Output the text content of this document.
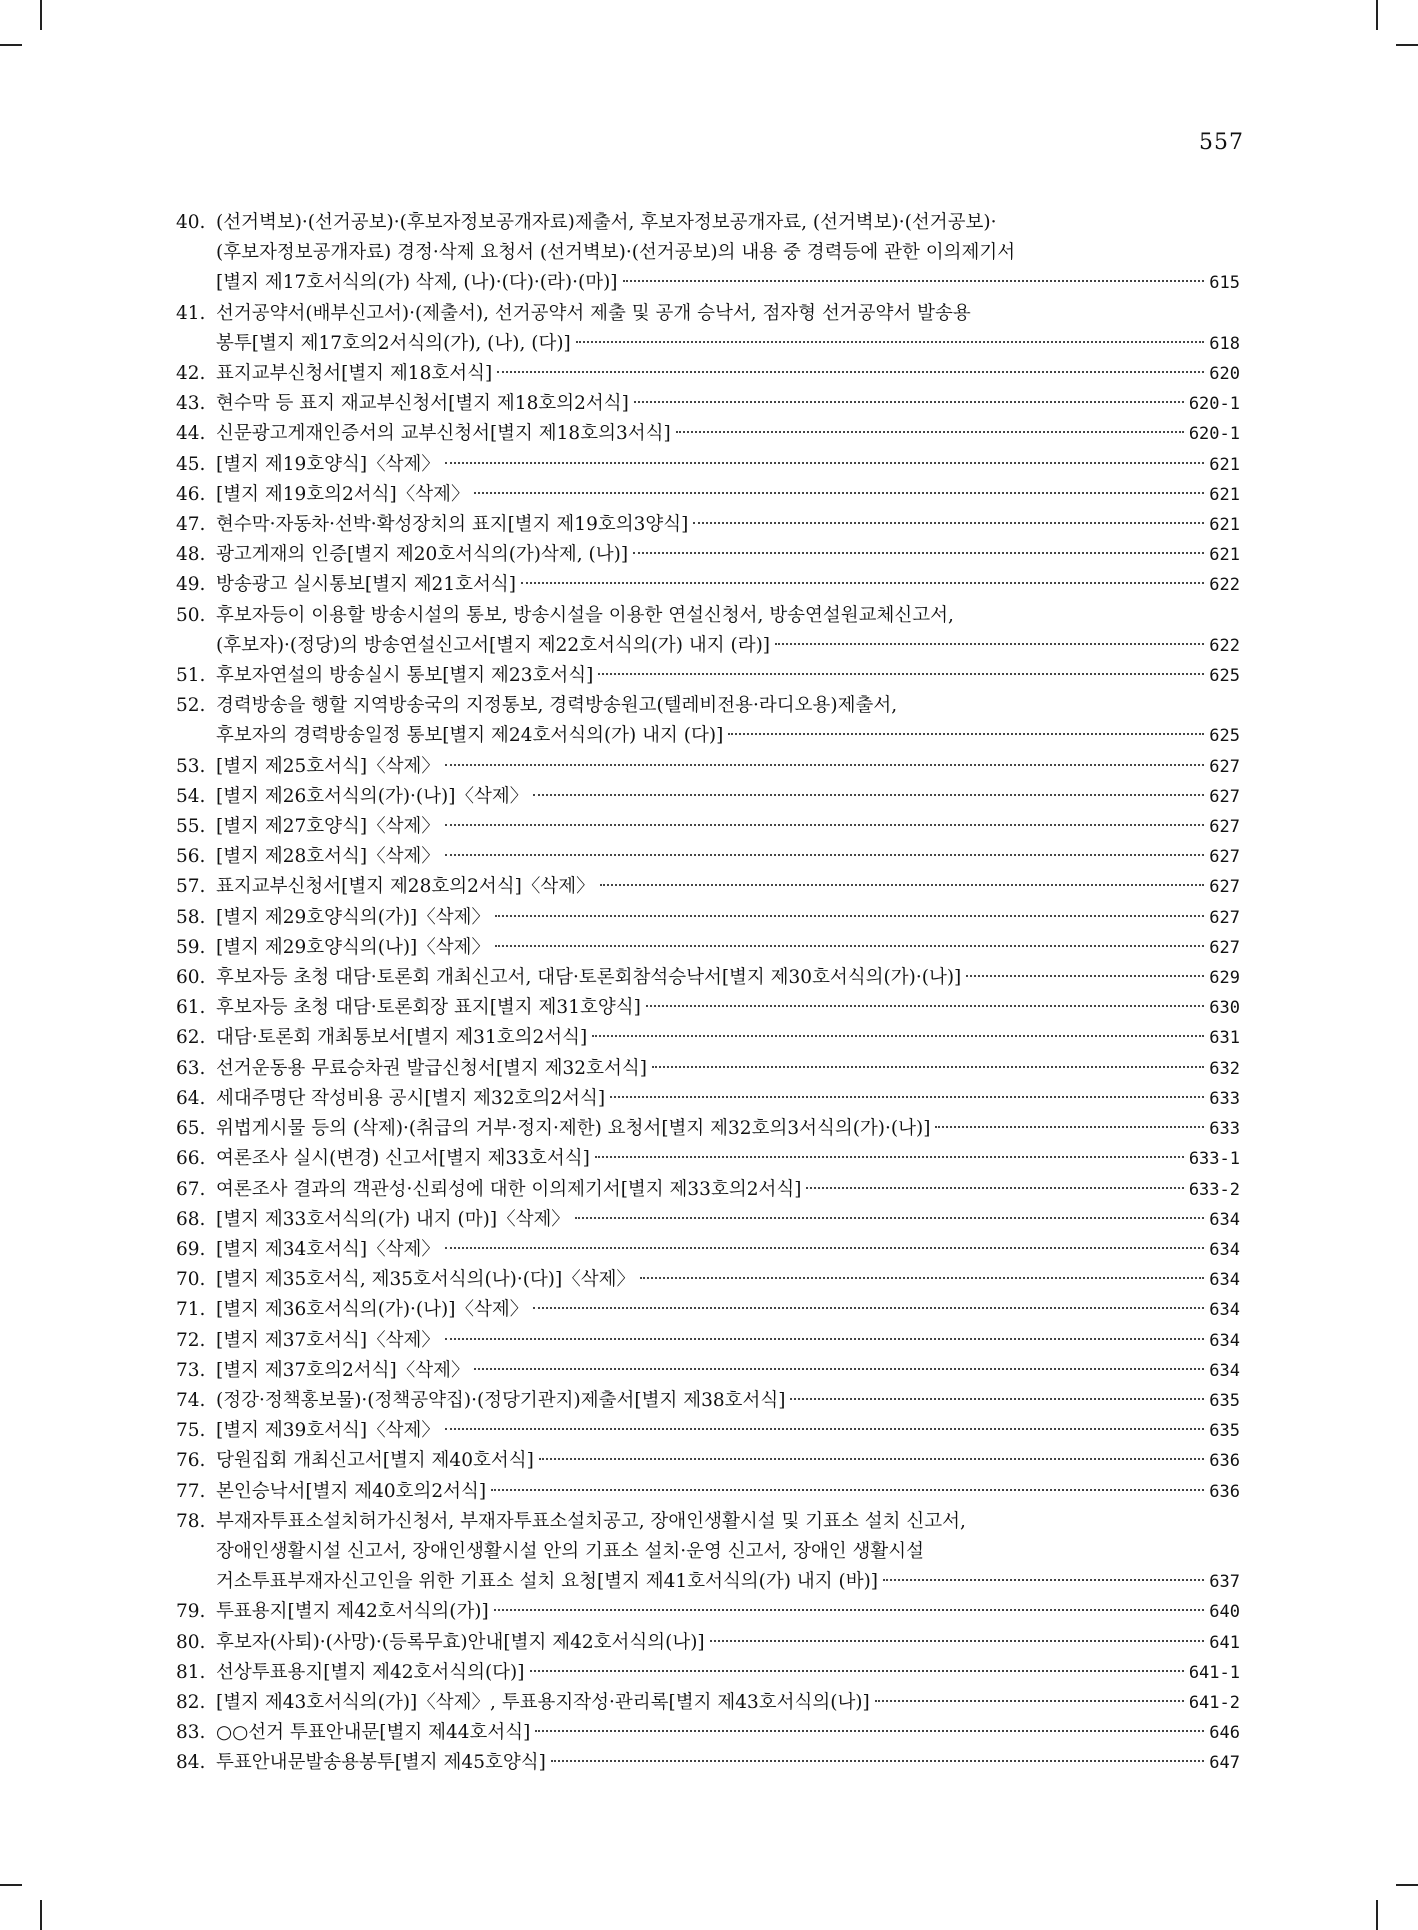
557
40. (선거벽보)·(선거공보)·(후보자정보공개자료)제출서, 후보자정보공개자료, (선거벽보)·(선거공보)·
(후보자정보공개자료) 경정·삭제 요청서 (선거벽보)·(선거공보)의 내용 중 경력등에 관한 이의제기서
[별지 제17호서식의(가) 삭제, (나)·(다)·(라)·(마)]	615
41. 선거공약서(배부신고서)·(제출서), 선거공약서 제출 및 공개 승낙서, 점자형 선거공약서 발송용
봉투[별지 제17호의2서식의(가), (나), (다)]	618
42. 표지교부신청서[별지 제18호서식]	620
43. 현수막 등 표지 재교부신청서[별지 제18호의2서식]	620-1
44. 신문광고게재인증서의 교부신청서[별지 제18호의3서식]	620-1
45. [별지 제19호양식]〈삭제〉	621
46. [별지 제19호의2서식]〈삭제〉	621
47. 현수막·자동차·선박·확성장치의 표지[별지 제19호의3양식]	621
48. 광고게재의 인증[별지 제20호서식의(가)삭제, (나)]	621
49. 방송광고 실시통보[별지 제21호서식]	622
50. 후보자등이 이용할 방송시설의 통보, 방송시설을 이용한 연설신청서, 방송연설원교체신고서,
(후보자)·(정당)의 방송연설신고서[별지 제22호서식의(가) 내지 (라)]	622
51. 후보자연설의 방송실시 통보[별지 제23호서식]	625
52. 경력방송을 행할 지역방송국의 지정통보, 경력방송원고(텔레비전용·라디오용)제출서,
후보자의 경력방송일정 통보[별지 제24호서식의(가) 내지 (다)]	625
53. [별지 제25호서식]〈삭제〉	627
54. [별지 제26호서식의(가)·(나)]〈삭제〉	627
55. [별지 제27호양식]〈삭제〉	627
56. [별지 제28호서식]〈삭제〉	627
57. 표지교부신청서[별지 제28호의2서식]〈삭제〉	627
58. [별지 제29호양식의(가)]〈삭제〉	627
59. [별지 제29호양식의(나)]〈삭제〉	627
60. 후보자등 초청 대담·토론회 개최신고서, 대담·토론회참석승낙서[별지 제30호서식의(가)·(나)]	629
61. 후보자등 초청 대담·토론회장 표지[별지 제31호양식]	630
62. 대담·토론회 개최통보서[별지 제31호의2서식]	631
63. 선거운동용 무료승차권 발급신청서[별지 제32호서식]	632
64. 세대주명단 작성비용 공시[별지 제32호의2서식]	633
65. 위법게시물 등의 (삭제)·(취급의 거부·정지·제한) 요청서[별지 제32호의3서식의(가)·(나)]	633
66. 여론조사 실시(변경) 신고서[별지 제33호서식]	633-1
67. 여론조사 결과의 객관성·신뢰성에 대한 이의제기서[별지 제33호의2서식]	633-2
68. [별지 제33호서식의(가) 내지 (마)]〈삭제〉	634
69. [별지 제34호서식]〈삭제〉	634
70. [별지 제35호서식, 제35호서식의(나)·(다)]〈삭제〉	634
71. [별지 제36호서식의(가)·(나)]〈삭제〉	634
72. [별지 제37호서식]〈삭제〉	634
73. [별지 제37호의2서식]〈삭제〉	634
74. (정강·정책홍보물)·(정책공약집)·(정당기관지)제출서[별지 제38호서식]	635
75. [별지 제39호서식]〈삭제〉	635
76. 당원집회 개최신고서[별지 제40호서식]	636
77. 본인승낙서[별지 제40호의2서식]	636
78. 부재자투표소설치허가신청서, 부재자투표소설치공고, 장애인생활시설 및 기표소 설치 신고서,
장애인생활시설 신고서, 장애인생활시설 안의 기표소 설치·운영 신고서, 장애인 생활시설
거소투표부재자신고인을 위한 기표소 설치 요청[별지 제41호서식의(가) 내지 (바)]	637
79. 투표용지[별지 제42호서식의(가)]	640
80. 후보자(사퇴)·(사망)·(등록무효)안내[별지 제42호서식의(나)]	641
81. 선상투표용지[별지 제42호서식의(다)]	641-1
82. [별지 제43호서식의(가)]〈삭제〉, 투표용지작성·관리록[별지 제43호서식의(나)]	641-2
83. ○○선거 투표안내문[별지 제44호서식]	646
84. 투표안내문발송용봉투[별지 제45호양식]	647
